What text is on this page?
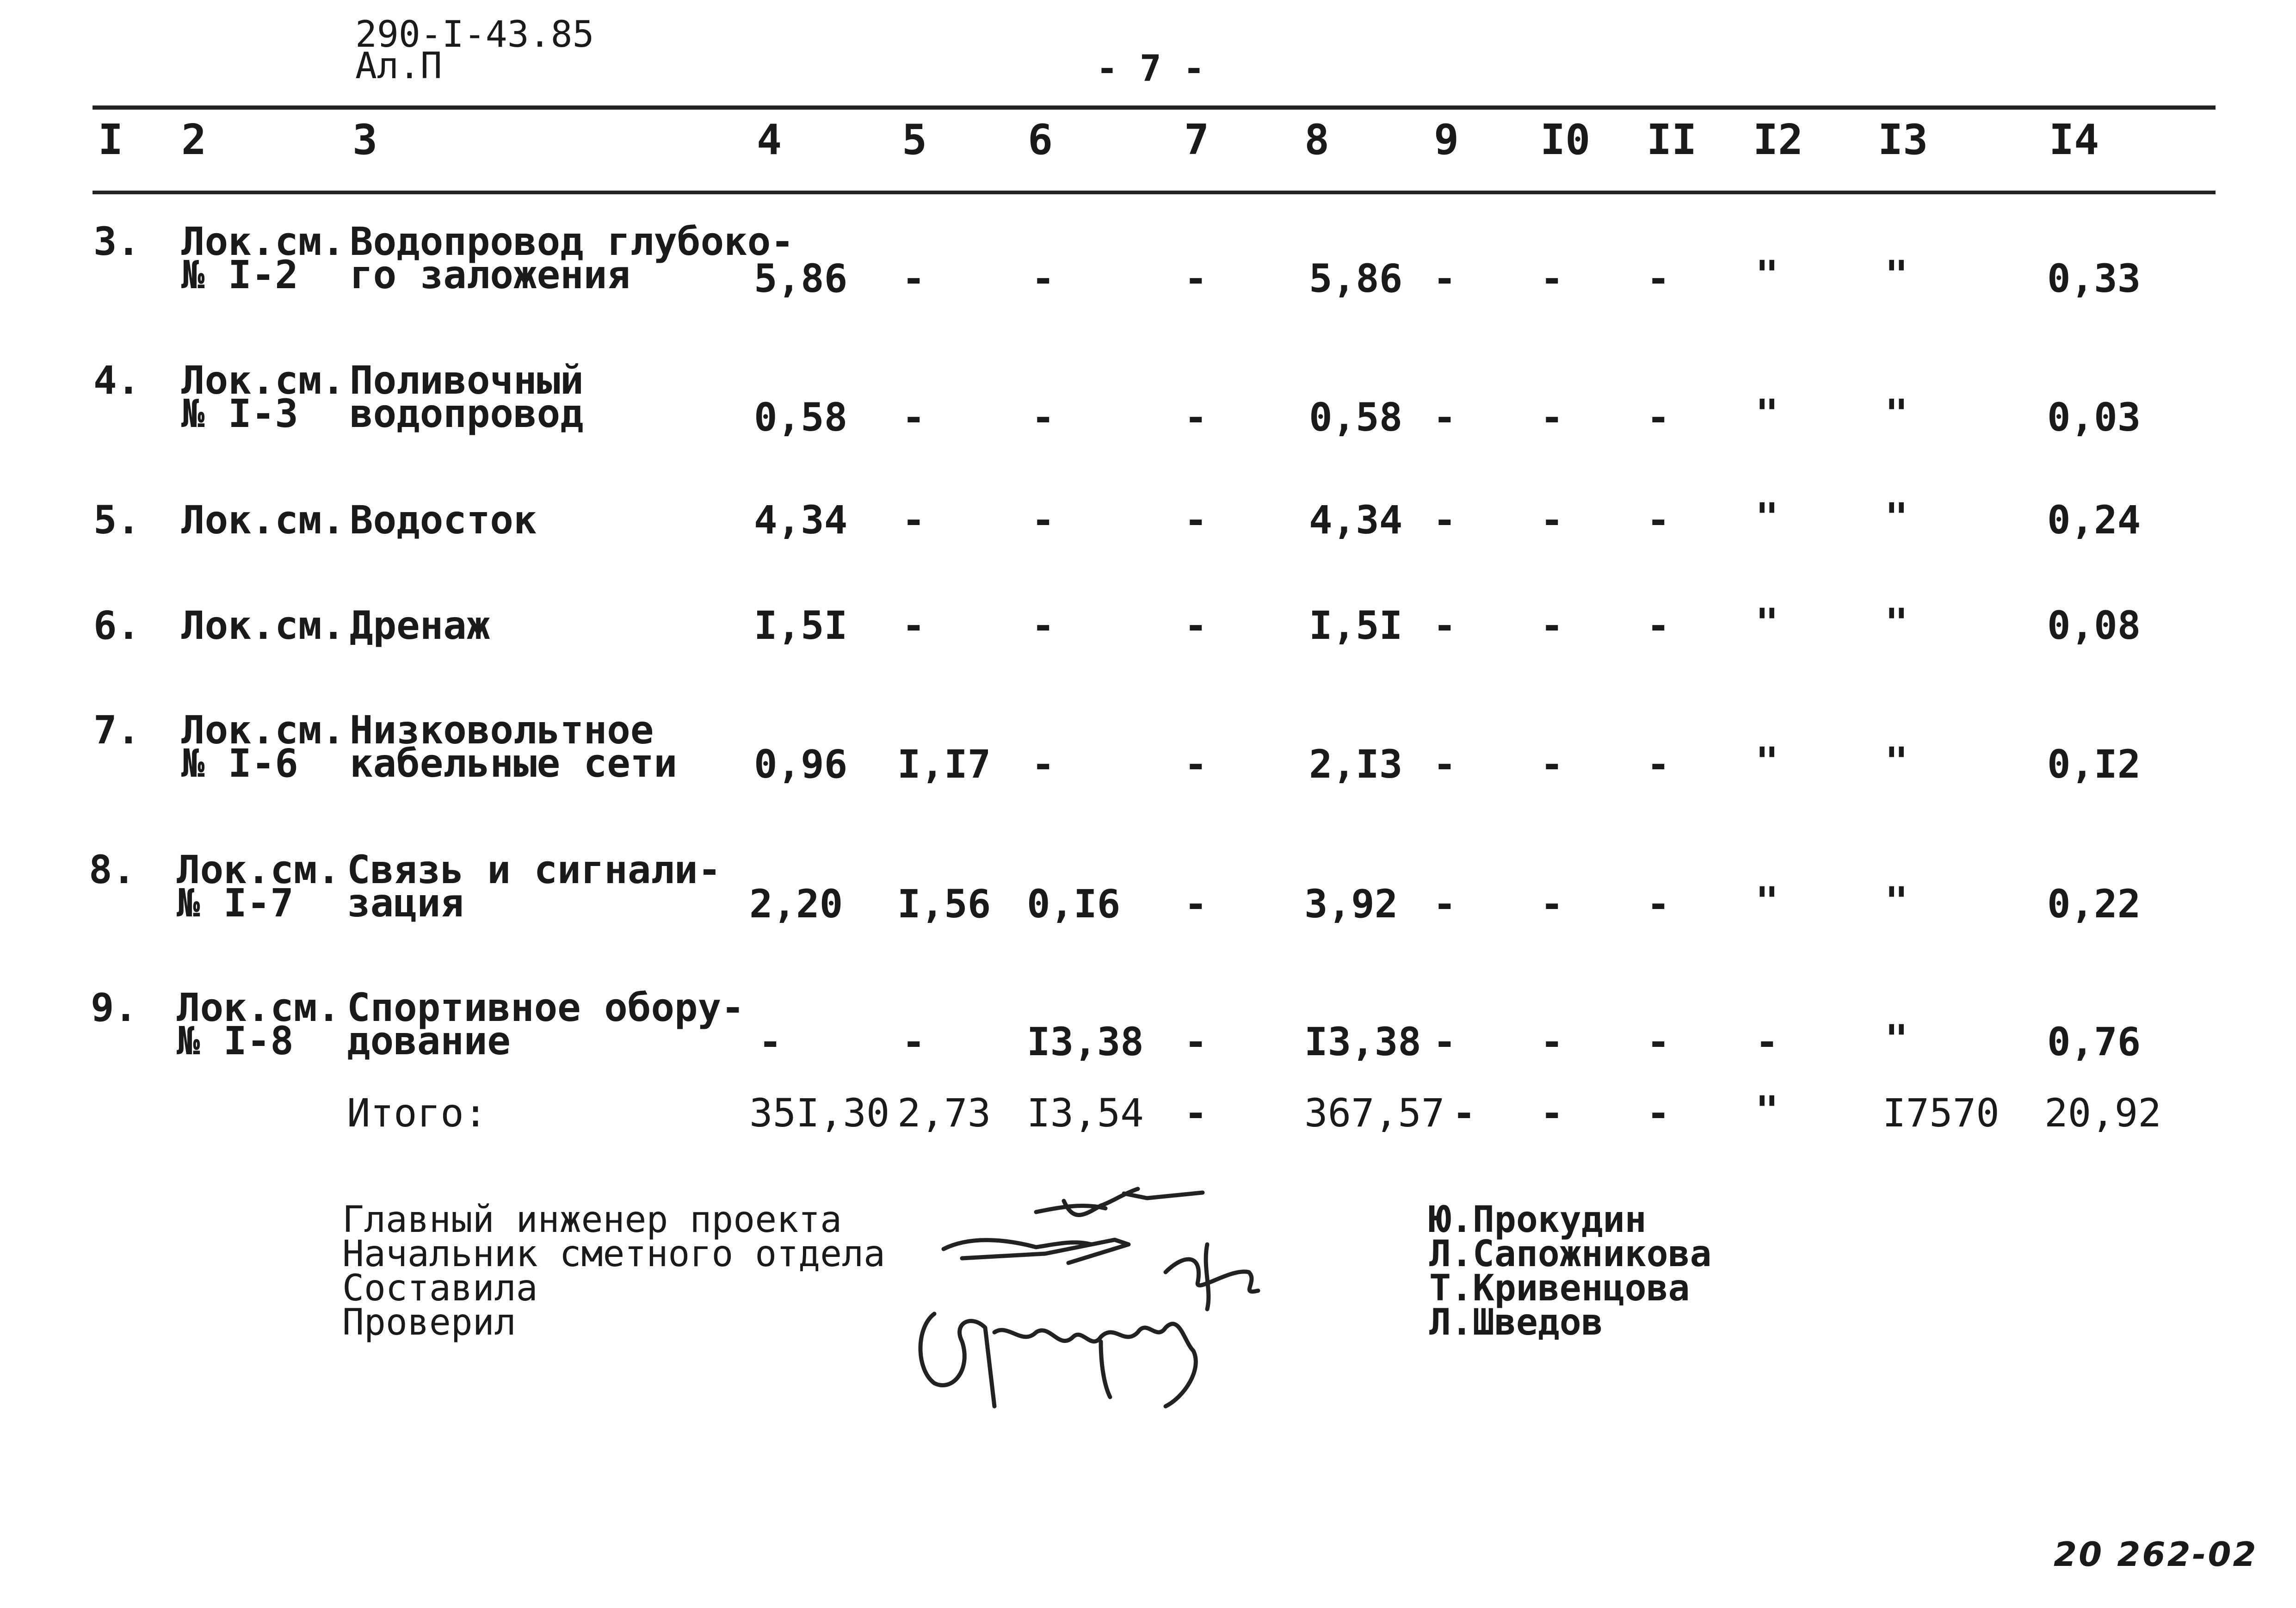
290-I-43.85
Ал.П	- 7 -
I 2	3	4	5 6	7 8	9 I0 II I2 I3	I4
3. Лок.см.
№ I-2
Водопровод глубоко-
го заложения	5,86 -	-	-	5,86 - - - "	"	0,33
4. Лок.см.
№ I-3
Поливочный
водопровод	0,58 -	-	-	0,58 - - - "	"	0,03
5. Лок.см. Водосток	4,34 -	-	-	4,34 - - - "	"	0,24
6. Лок.см. Дренаж	I,5I -	-	-	I,5I - - - "	"	0,08
7. Лок.см.
№ I-6
Низковольтное
кабельные сети 0,96 I,I7 -	-	2,I3 - - - "	"	0,I2
8. Лок.см.
№ I-7
Связь и сигнали-
зация	2,20 I,56 0,I6 - 3,92 - - - "	"	0,22
9. Лок.см.
№ I-8
Спортивное обору-
дование	-	-	I3,38 - I3,38 - - - -	"	0,76
Итого:	35I,30 2,73 I3,54 - 367,57 - - - "	I7570 20,92
Главный инженер проекта
Начальник сметного отдела
Составила
Проверил
Ю.Прокудин
Л.Сапожникова
Т.Кривенцова
Л.Шведов
20 262-02
